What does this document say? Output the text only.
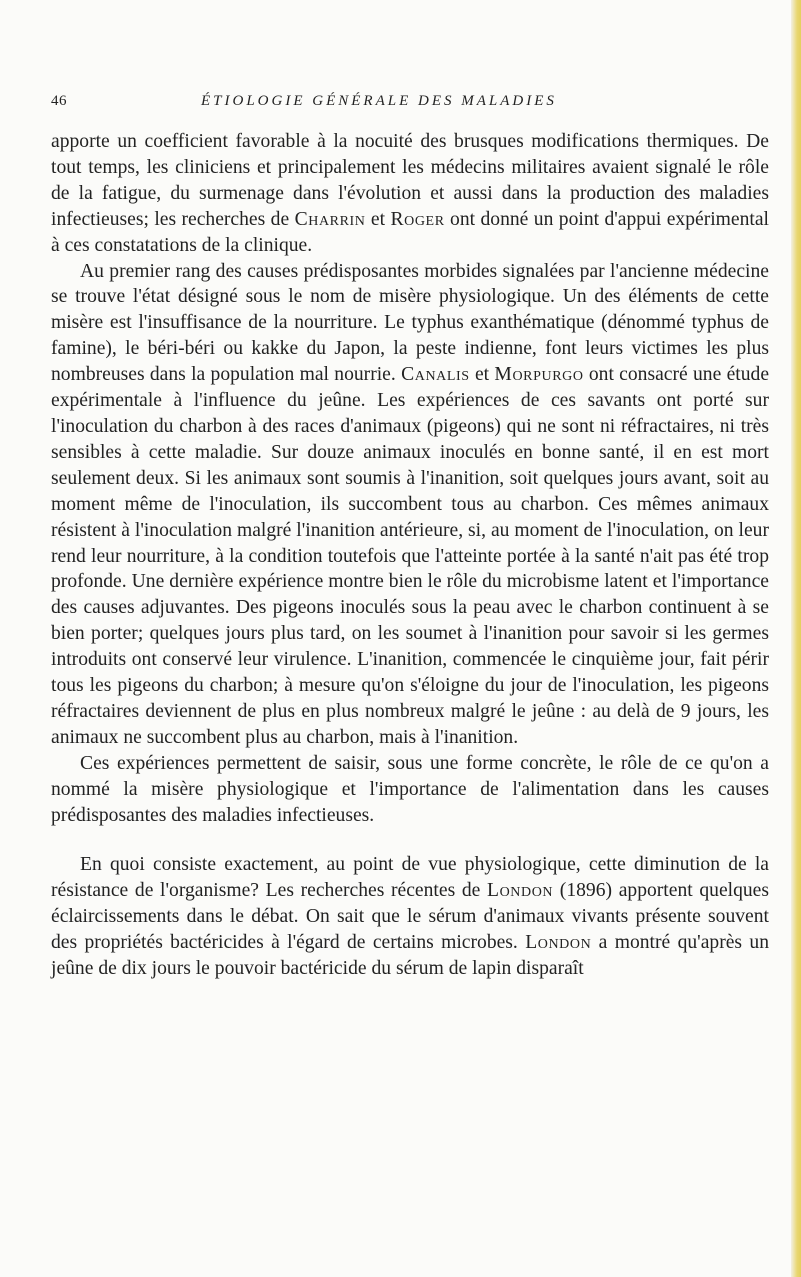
46	ÉTIOLOGIE GÉNÉRALE DES MALADIES

apporte un coefficient favorable à la nocuité des brusques modifications thermiques. De tout temps, les cliniciens et principalement les médecins militaires avaient signalé le rôle de la fatigue, du surmenage dans l'évolution et aussi dans la production des maladies infectieuses; les recherches de Charrin et Roger ont donné un point d'appui expérimental à ces constatations de la clinique.

Au premier rang des causes prédisposantes morbides signalées par l'ancienne médecine se trouve l'état désigné sous le nom de misère physiologique. Un des éléments de cette misère est l'insuffisance de la nourriture. Le typhus exanthématique (dénommé typhus de famine), le béri-béri ou kakke du Japon, la peste indienne, font leurs victimes les plus nombreuses dans la population mal nourrie. Canalis et Morpurgo ont consacré une étude expérimentale à l'influence du jeûne. Les expériences de ces savants ont porté sur l'inoculation du charbon à des races d'animaux (pigeons) qui ne sont ni réfractaires, ni très sensibles à cette maladie. Sur douze animaux inoculés en bonne santé, il en est mort seulement deux. Si les animaux sont soumis à l'inanition, soit quelques jours avant, soit au moment même de l'inoculation, ils succombent tous au charbon. Ces mêmes animaux résistent à l'inoculation malgré l'inanition antérieure, si, au moment de l'inoculation, on leur rend leur nourriture, à la condition toutefois que l'atteinte portée à la santé n'ait pas été trop profonde. Une dernière expérience montre bien le rôle du microbisme latent et l'importance des causes adjuvantes. Des pigeons inoculés sous la peau avec le charbon continuent à se bien porter; quelques jours plus tard, on les soumet à l'inanition pour savoir si les germes introduits ont conservé leur virulence. L'inanition, commencée le cinquième jour, fait périr tous les pigeons du charbon; à mesure qu'on s'éloigne du jour de l'inoculation, les pigeons réfractaires deviennent de plus en plus nombreux malgré le jeûne : au delà de 9 jours, les animaux ne succombent plus au charbon, mais à l'inanition.

Ces expériences permettent de saisir, sous une forme concrète, le rôle de ce qu'on a nommé la misère physiologique et l'importance de l'alimentation dans les causes prédisposantes des maladies infectieuses.

En quoi consiste exactement, au point de vue physiologique, cette diminution de la résistance de l'organisme? Les recherches récentes de London (1896) apportent quelques éclaircissements dans le débat. On sait que le sérum d'animaux vivants présente souvent des propriétés bactéricides à l'égard de certains microbes. London a montré qu'après un jeûne de dix jours le pouvoir bactéricide du sérum de lapin disparaît
